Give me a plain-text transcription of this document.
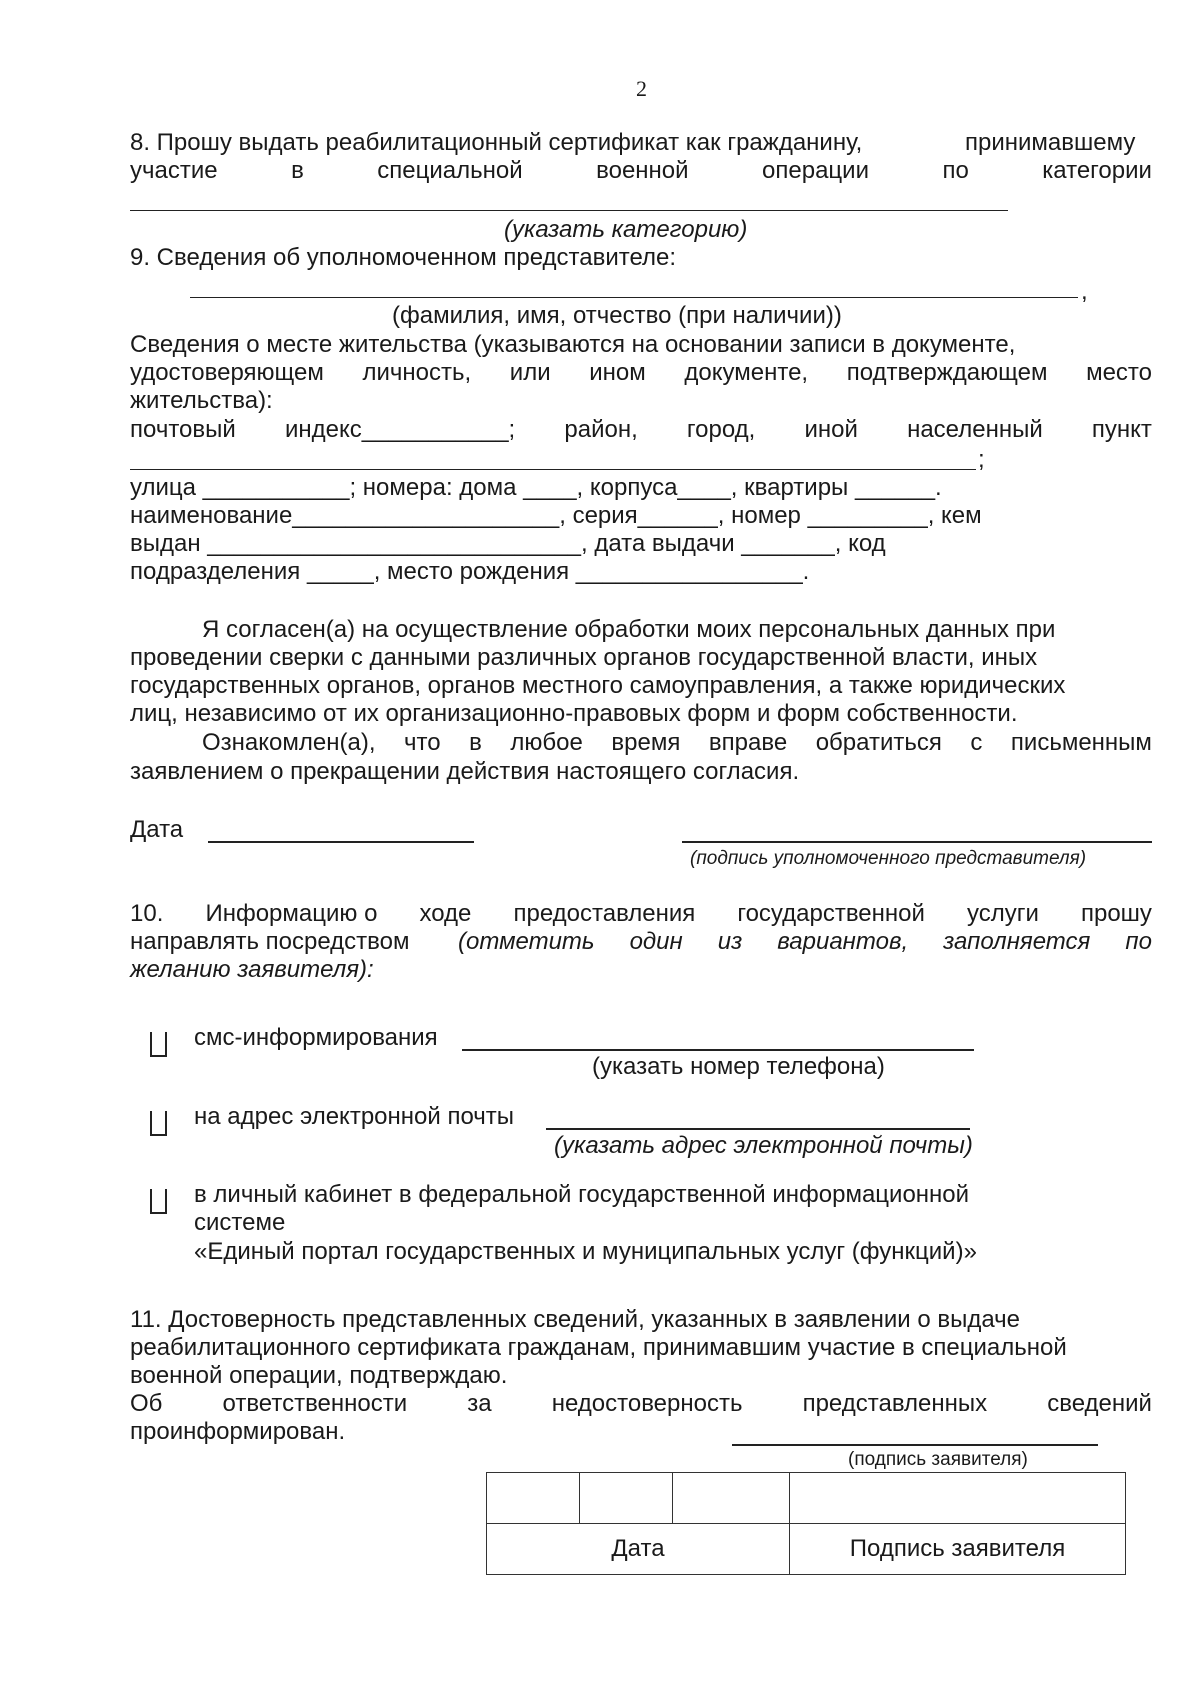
2
8. Прошу выдать реабилитационный сертификат как гражданину,	принимавшему
участие	в	специальной	военной	операции	по	категории
(указать категорию)
9. Сведения об уполномоченном представителе:
,
(фамилия, имя, отчество (при наличии))
Сведения о месте жительства (указываются на основании записи в документе,
удостоверяющем личность, или ином документе, подтверждающем место
жительства):
почтовый индекс___________; район, город, иной населенный пункт
;
улица ___________; номера: дома ____, корпуса____, квартиры ______.
наименование____________________, серия______, номер _________, кем
выдан ____________________________, дата выдачи _______, код
подразделения _____, место рождения _________________.
Я согласен(а) на осуществление обработки моих персональных данных при
проведении сверки с данными различных органов государственной власти, иных
государственных органов, органов местного самоуправления, а также юридических
лиц, независимо от их организационно-правовых форм и форм собственности.
Ознакомлен(а), что в любое время вправе обратиться с письменным
заявлением о прекращении действия настоящего согласия.
Дата
(подпись уполномоченного представителя)
10. Информацию о ходе предоставления государственной услуги прошу
направлять посредством (отметить один из вариантов, заполняется по
желанию заявителя):
смс-информирования
(указать номер телефона)
на адрес электронной почты
(указать адрес электронной почты)
в личный кабинет в федеральной государственной информационной
системе
«Единый портал государственных и муниципальных услуг (функций)»
11. Достоверность представленных сведений, указанных в заявлении о выдаче
реабилитационного сертификата гражданам, принимавшим участие в специальной
военной операции, подтверждаю.
Об	ответственности	за	недостоверность	представленных	сведений
проинформирован.
(подпись заявителя)

Дата			Подпись заявителя
